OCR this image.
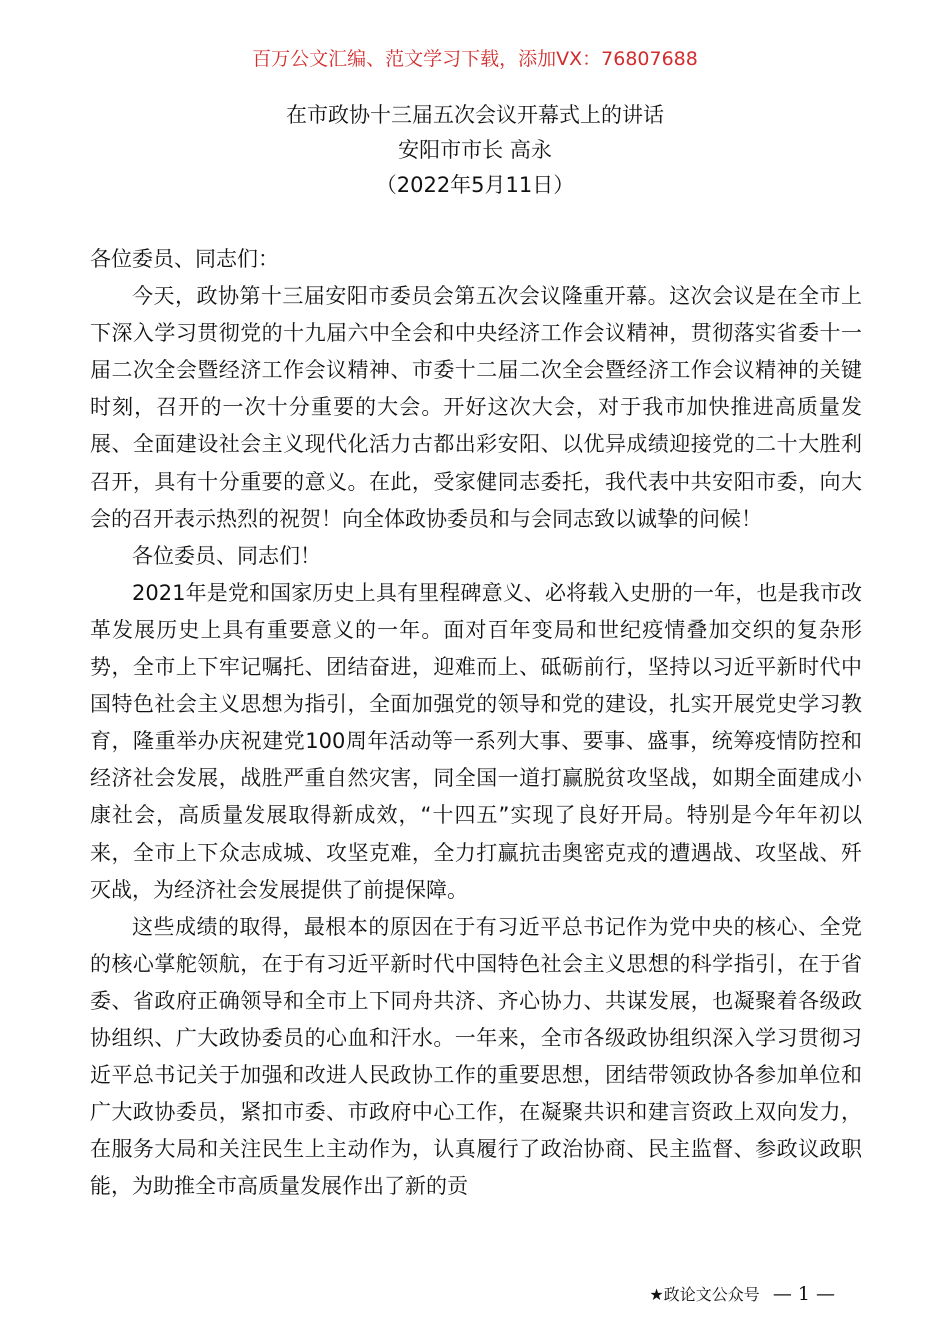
百万公文汇编、范文学习下载，添加VX：76807688
在市政协十三届五次会议开幕式上的讲话
安阳市市长 高永
（2022年5月11日）

各位委员、同志们：

今天，政协第十三届安阳市委员会第五次会议隆重开幕。这次会议是在全市上下深入学习贯彻党的十九届六中全会和中央经济工作会议精神，贯彻落实省委十一届二次全会暨经济工作会议精神、市委十二届二次全会暨经济工作会议精神的关键时刻，召开的一次十分重要的大会。开好这次大会，对于我市加快推进高质量发展、全面建设社会主义现代化活力古都出彩安阳、以优异成绩迎接党的二十大胜利召开，具有十分重要的意义。在此，受家健同志委托，我代表中共安阳市委，向大会的召开表示热烈的祝贺！向全体政协委员和与会同志致以诚挚的问候！

各位委员、同志们！

2021年是党和国家历史上具有里程碑意义、必将载入史册的一年，也是我市改革发展历史上具有重要意义的一年。面对百年变局和世纪疫情叠加交织的复杂形势，全市上下牢记嘱托、团结奋进，迎难而上、砥砺前行，坚持以习近平新时代中国特色社会主义思想为指引，全面加强党的领导和党的建设，扎实开展党史学习教育，隆重举办庆祝建党100周年活动等一系列大事、要事、盛事，统筹疫情防控和经济社会发展，战胜严重自然灾害，同全国一道打赢脱贫攻坚战，如期全面建成小康社会，高质量发展取得新成效，“十四五”实现了良好开局。特别是今年年初以来，全市上下众志成城、攻坚克难，全力打赢抗击奥密克戎的遭遇战、攻坚战、歼灭战，为经济社会发展提供了前提保障。

这些成绩的取得，最根本的原因在于有习近平总书记作为党中央的核心、全党的核心掌舵领航，在于有习近平新时代中国特色社会主义思想的科学指引，在于省委、省政府正确领导和全市上下同舟共济、齐心协力、共谋发展，也凝聚着各级政协组织、广大政协委员的心血和汗水。一年来，全市各级政协组织深入学习贯彻习近平总书记关于加强和改进人民政协工作的重要思想，团结带领政协各参加单位和广大政协委员，紧扣市委、市政府中心工作，在凝聚共识和建言资政上双向发力，在服务大局和关注民生上主动作为，认真履行了政治协商、民主监督、参政议政职能，为助推全市高质量发展作出了新的贡

★政论文公众号 — 1 —
